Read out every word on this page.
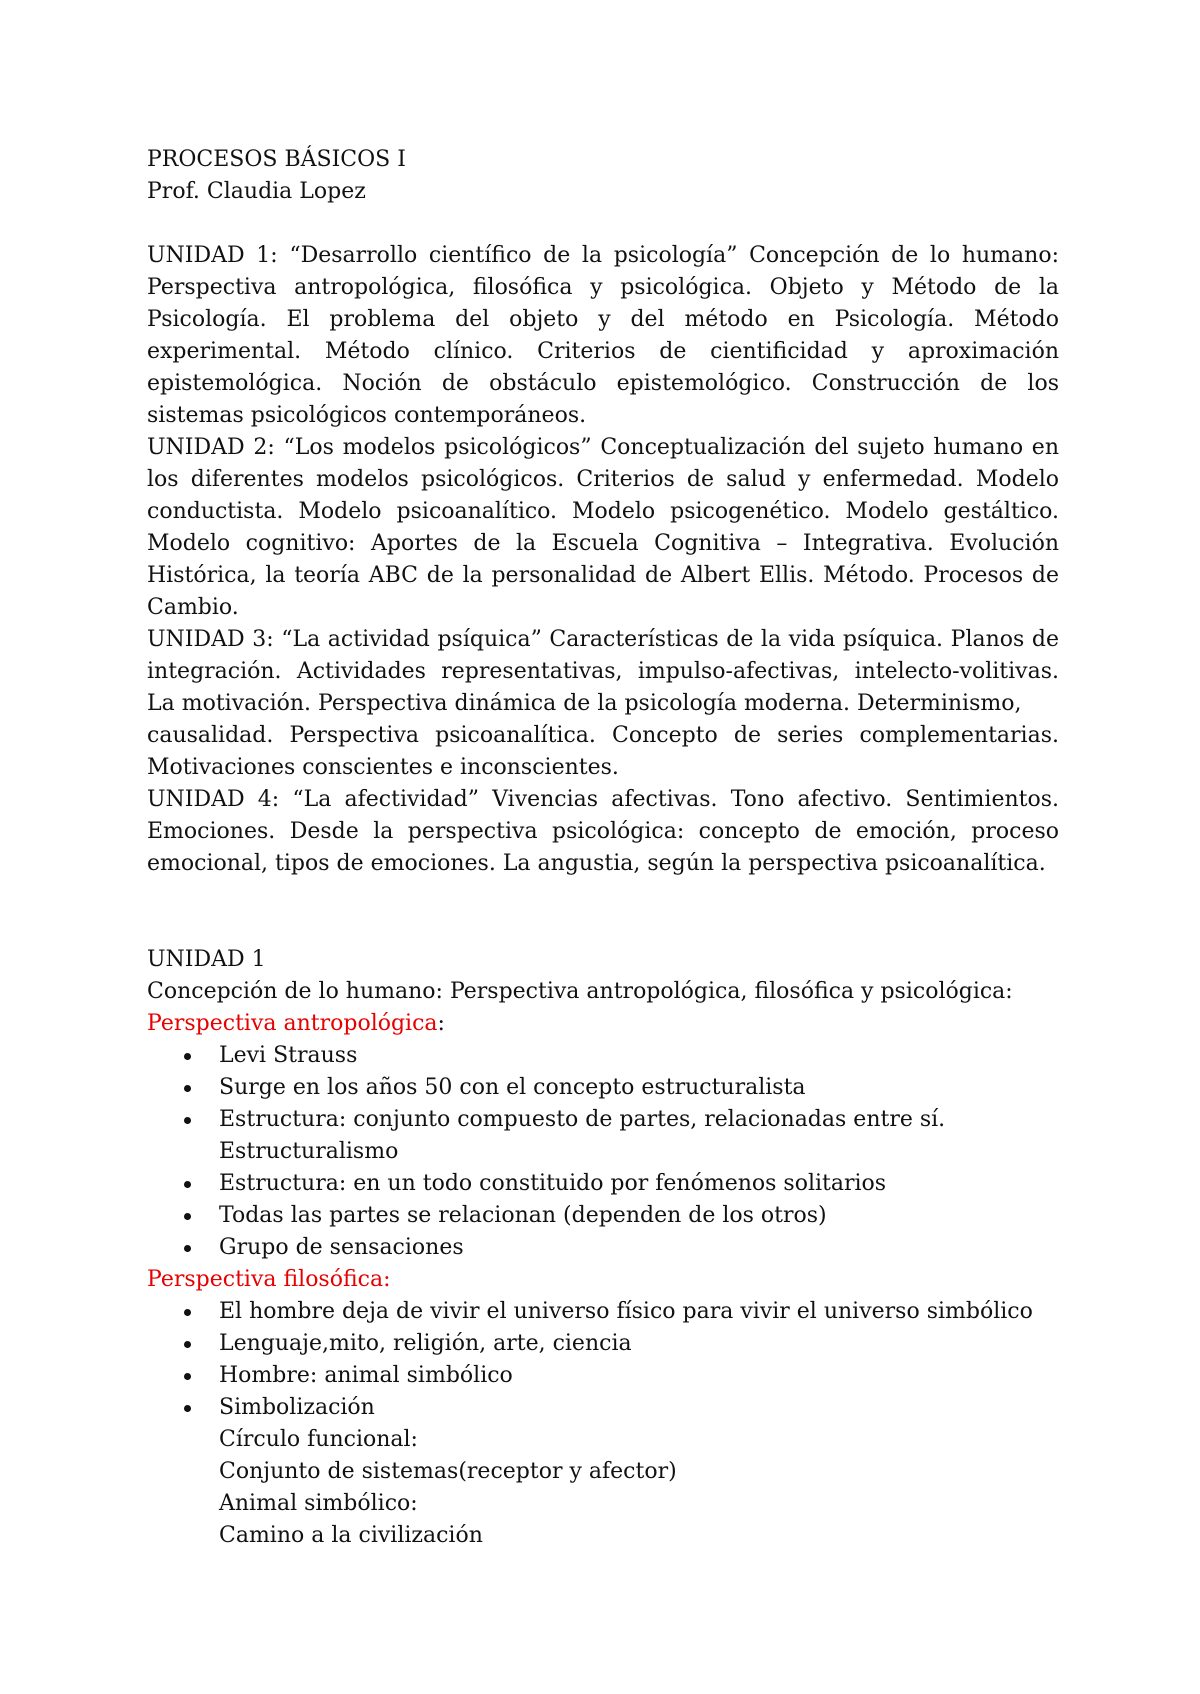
PROCESOS BÁSICOS I
Prof. Claudia Lopez
UNIDAD 1: “Desarrollo científico de la psicología” Concepción de lo humano: Perspectiva antropológica, filosófica y psicológica. Objeto y Método de la Psicología. El problema del objeto y del método en Psicología. Método experimental. Método clínico. Criterios de cientificidad y aproximación epistemológica. Noción de obstáculo epistemológico. Construcción de los sistemas psicológicos contemporáneos.
UNIDAD 2: “Los modelos psicológicos” Conceptualización del sujeto humano en los diferentes modelos psicológicos. Criterios de salud y enfermedad. Modelo conductista. Modelo psicoanalítico. Modelo psicogenético. Modelo gestáltico. Modelo cognitivo: Aportes de la Escuela Cognitiva – Integrativa. Evolución Histórica, la teoría ABC de la personalidad de Albert Ellis. Método. Procesos de Cambio.
UNIDAD 3: “La actividad psíquica” Características de la vida psíquica. Planos de integración. Actividades representativas, impulso-afectivas, intelecto-volitivas. La motivación. Perspectiva dinámica de la psicología moderna. Determinismo,
causalidad. Perspectiva psicoanalítica. Concepto de series complementarias. Motivaciones conscientes e inconscientes.
UNIDAD 4: “La afectividad” Vivencias afectivas. Tono afectivo. Sentimientos. Emociones. Desde la perspectiva psicológica: concepto de emoción, proceso emocional, tipos de emociones. La angustia, según la perspectiva psicoanalítica.
UNIDAD 1
Concepción de lo humano: Perspectiva antropológica, filosófica y psicológica:
Perspectiva antropológica:
Levi Strauss
Surge en los años 50 con el concepto estructuralista
Estructura: conjunto compuesto de partes, relacionadas entre sí.
Estructuralismo
Estructura: en un todo constituido por fenómenos solitarios
Todas las partes se relacionan (dependen de los otros)
Grupo de sensaciones
Perspectiva filosófica:
El hombre deja de vivir el universo físico para vivir el universo simbólico
Lenguaje,mito, religión, arte, ciencia
Hombre: animal simbólico
Simbolización
Círculo funcional:
Conjunto de sistemas(receptor y afector)
Animal simbólico:
Camino a la civilización
